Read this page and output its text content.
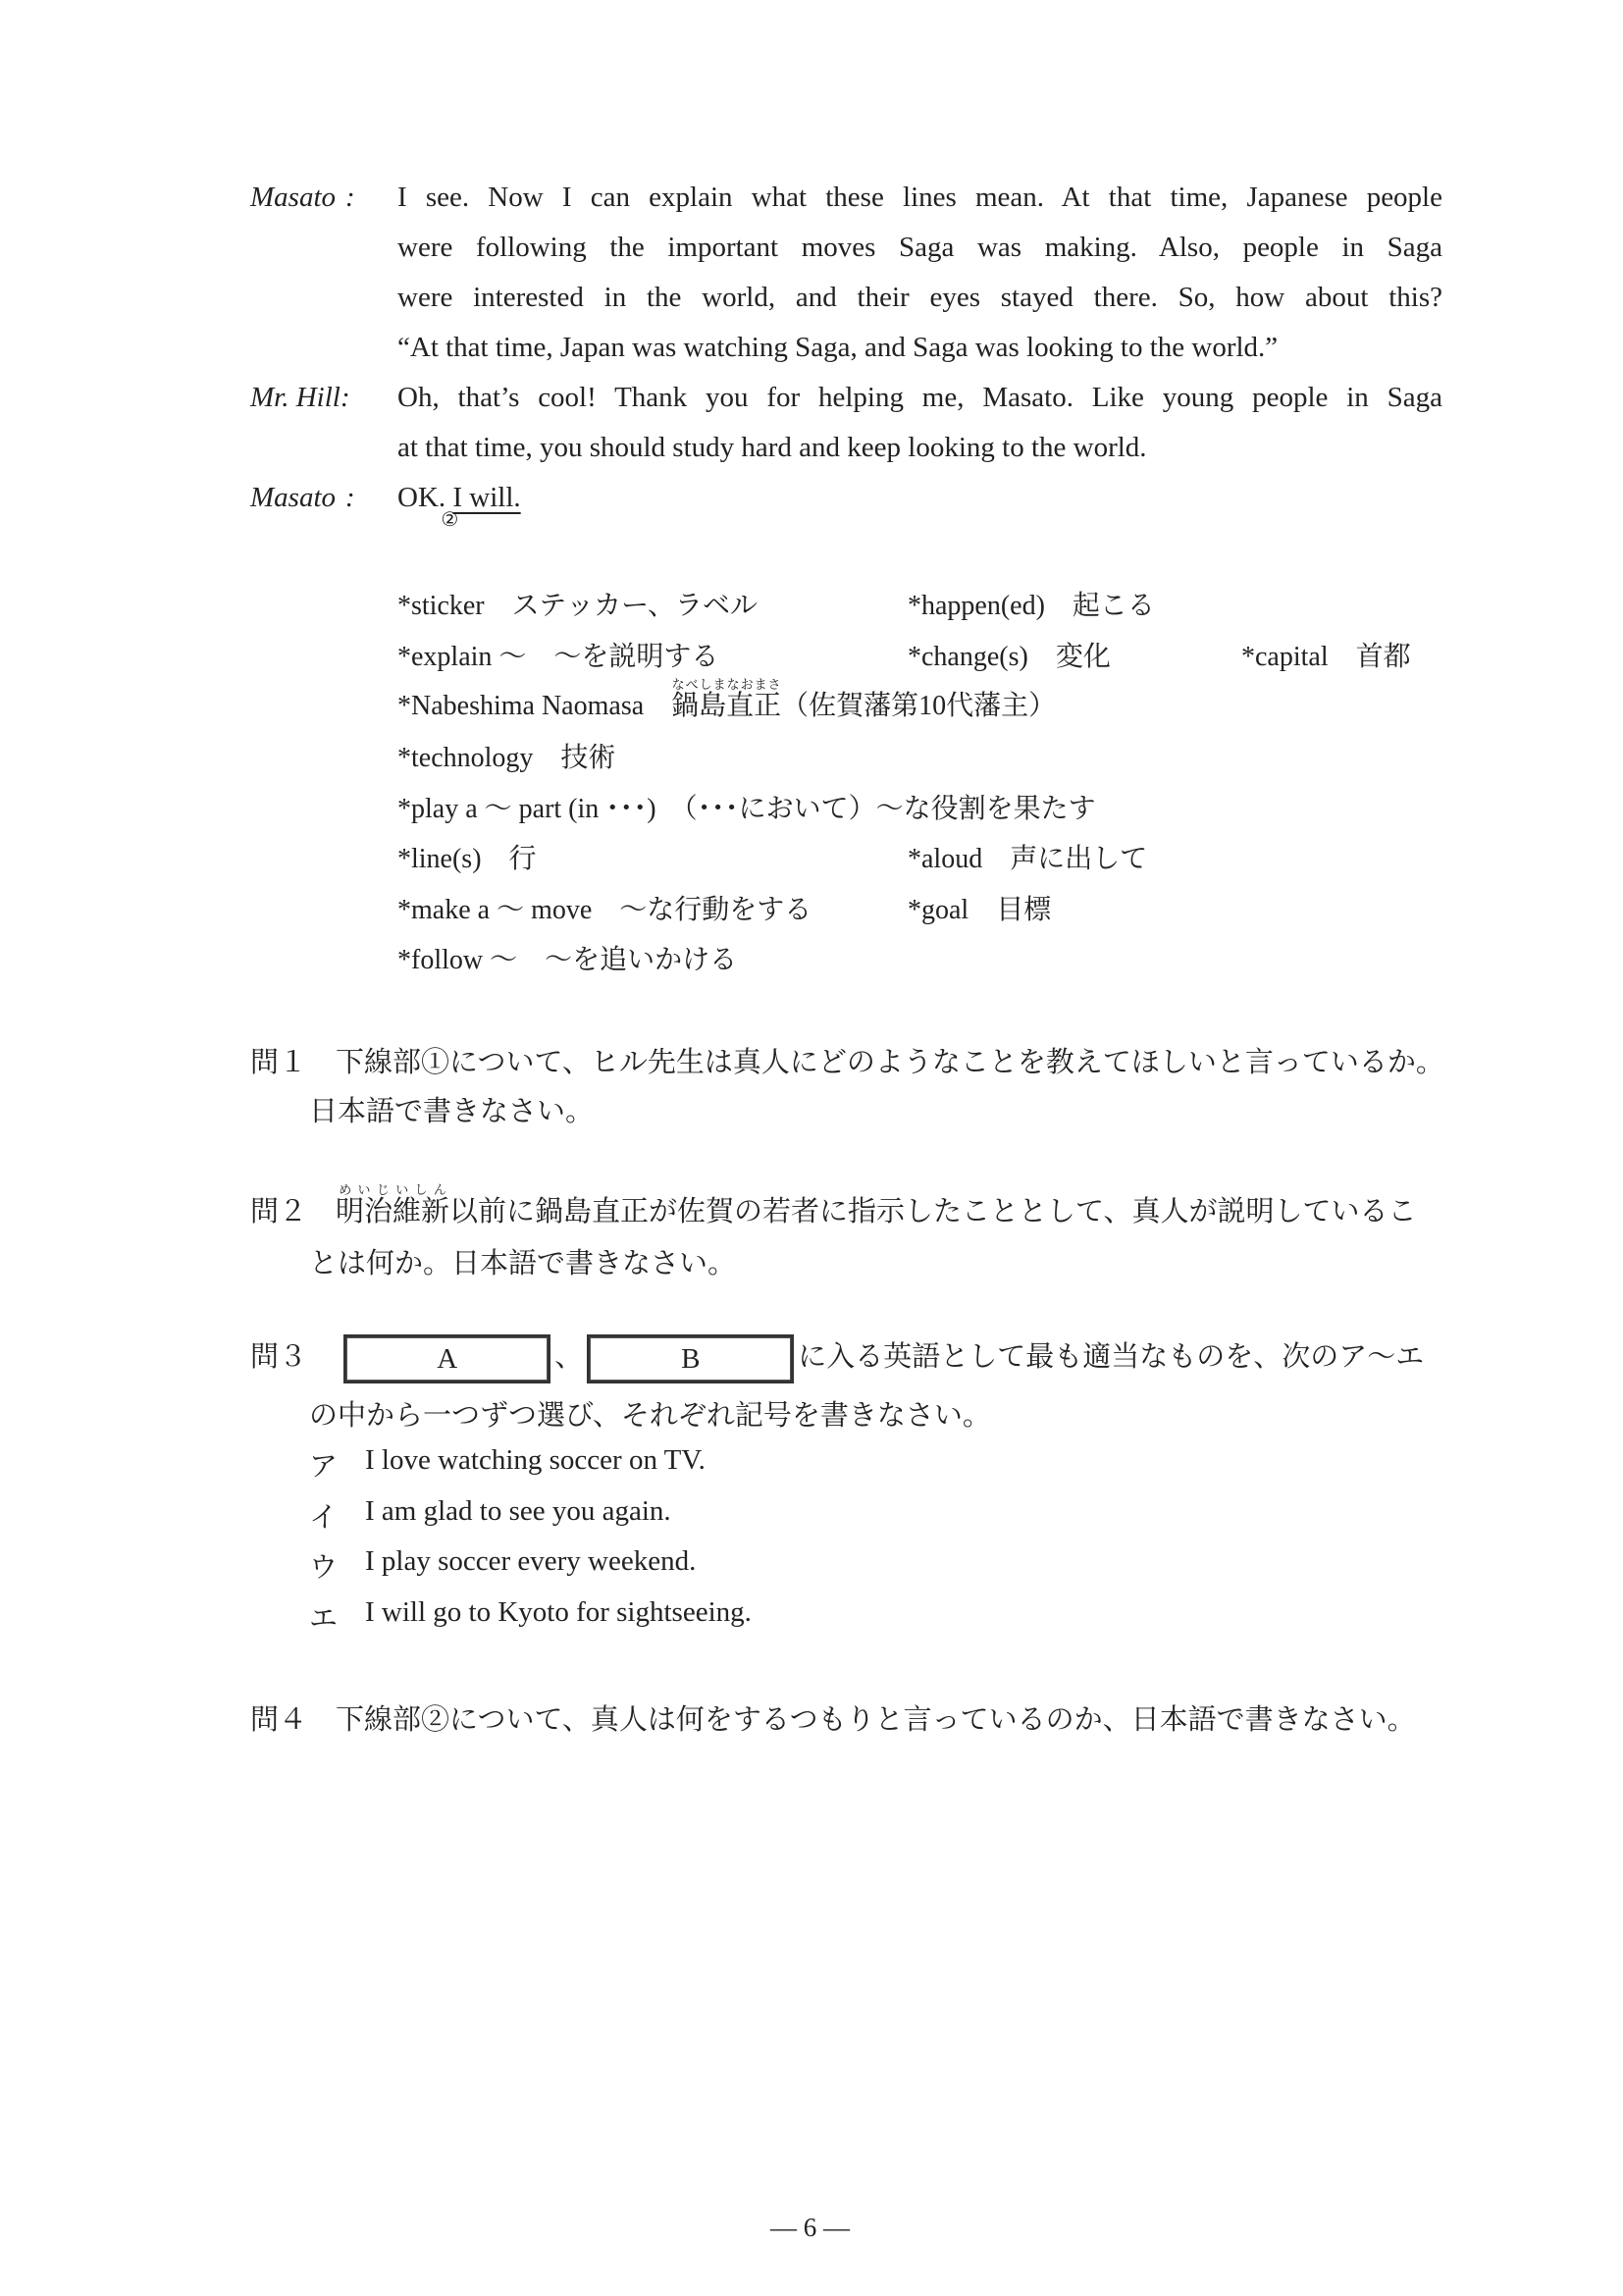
Masato : I see. Now I can explain what these lines mean. At that time, Japanese people
were following the important moves Saga was making. Also, people in Saga
were interested in the world, and their eyes stayed there. So, how about this?
“At that time, Japan was watching Saga, and Saga was looking to the world.”
Mr. Hill : Oh, that’s cool! Thank you for helping me, Masato. Like young people in Saga
at that time, you should study hard and keep looking to the world.
Masato : OK.
②
I will.
*sticker　ステッカー、ラベル	*happen(ed)　起こる
*explain ～　～を説明する	*change(s)　変化	*capital　首都
*Nabeshima Naomasa　 鍋島直正なべしまなおまさ（佐賀藩第10代藩主）
*technology　技術
*play a ～ part (in ･･･)　（･･･において）～な役割を果たす
*line(s)　行	*aloud　声に出して
*make a ～ move　～な行動をする	*goal　目標
*follow ～　～を追いかける
問１　 下線部①について、ヒル先生は真人にどのようなことを教えてほしいと言っているか。
日本語で書きなさい。
問２　 明治維新めいじいしん以前に鍋島直正が佐賀の若者に指示したこととして、真人が説明しているこ
とは何か。日本語で書きなさい。
問３	A	、	B	に入る英語として最も適当なものを、次のア～エ
の中から一つずつ選び、それぞれ記号を書きなさい。
ア I love watching soccer on TV.
イ I am glad to see you again.
ウ I play soccer every weekend.
エ I will go to Kyoto for sightseeing.
問４　 下線部②について、真人は何をするつもりと言っているのか、日本語で書きなさい。
— 6 —
